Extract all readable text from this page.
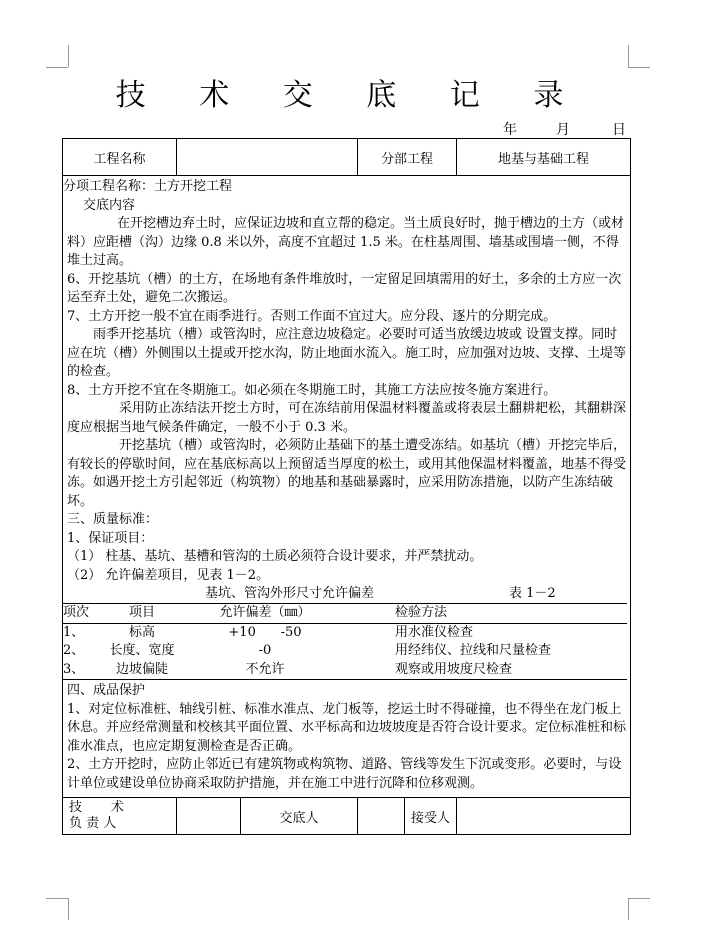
技 术 交 底 记 录
年	月	日
工程名称		分部工程	地基与基础工程

分项工程名称：土方开挖工程

交底内容

在开挖槽边弃土时，应保证边坡和直立帮的稳定。当土质良好时，抛于槽边的土方（或材料）应距槽（沟）边缘 0.8 米以外，高度不宜超过 1.5 米。在柱基周围、墙基或围墙一侧，不得堆土过高。

6、开挖基坑（槽）的土方，在场地有条件堆放时，一定留足回填需用的好土，多余的土方应一次运至弃土处，避免二次搬运。

7、土方开挖一般不宜在雨季进行。否则工作面不宜过大。应分段、逐片的分期完成。

雨季开挖基坑（槽）或管沟时，应注意边坡稳定。必要时可适当放缓边坡或 设置支撑。同时应在坑（槽）外侧围以土提或开挖水沟，防止地面水流入。施工时，应加强对边坡、支撑、土堤等的检查。

8、土方开挖不宜在冬期施工。如必须在冬期施工时，其施工方法应按冬施方案进行。

采用防止冻结法开挖土方时，可在冻结前用保温材料覆盖或将表层土翻耕耙松，其翻耕深度应根据当地气候条件确定，一般不小于 0.3 米。

开挖基坑（槽）或管沟时，必须防止基础下的基土遭受冻结。如基坑（槽）开挖完毕后，有较长的停歇时间，应在基底标高以上预留适当厚度的松土，或用其他保温材料覆盖，地基不得受冻。如遇开挖土方引起邻近（构筑物）的地基和基础暴露时，应采用防冻措施，以防产生冻结破坏。

三、质量标准：

1、保证项目：

（1） 柱基、基坑、基槽和管沟的土质必须符合设计要求，并严禁扰动。

（2） 允许偏差项目，见表 1－2。

基坑、管沟外形尺寸允许偏差	表 1－2
项次	项目	允许偏差（㎜）	检验方法
1、	标高	+10      -50	用水准仪检查
2、	长度、宽度	-0	用经纬仪、拉线和尺量检查
3、	边坡偏陡	不允许	观察或用坡度尺检查

四、成品保护

1、对定位标准桩、轴线引桩、标准水准点、龙门板等，挖运土时不得碰撞，也不得坐在龙门板上休息。并应经常测量和校核其平面位置、水平标高和边坡坡度是否符合设计要求。定位标准桩和标准水准点，也应定期复测检查是否正确。

2、土方开挖时，应防止邻近已有建筑物或构筑物、道路、管线等发生下沉或变形。必要时，与设计单位或建设单位协商采取防护措施，并在施工中进行沉降和位移观测。

技       术
负 责 人		交底人		接受人	
